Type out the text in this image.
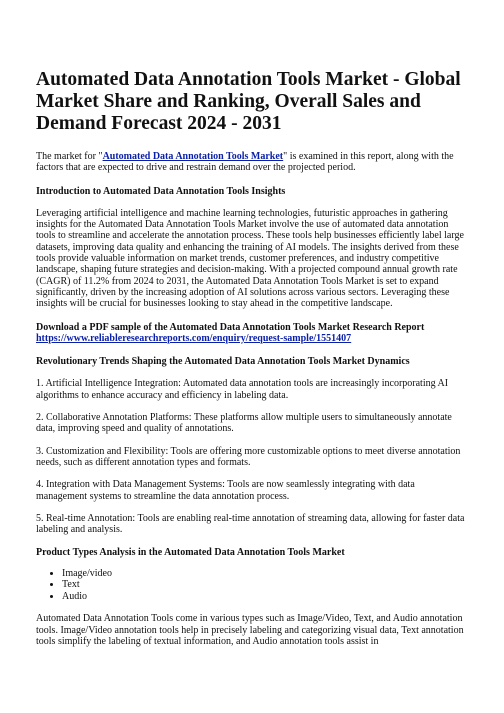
Automated Data Annotation Tools Market - Global Market Share and Ranking, Overall Sales and Demand Forecast 2024 - 2031

The market for "Automated Data Annotation Tools Market" is examined in this report, along with the factors that are expected to drive and restrain demand over the projected period.

Introduction to Automated Data Annotation Tools Insights

Leveraging artificial intelligence and machine learning technologies, futuristic approaches in gathering insights for the Automated Data Annotation Tools Market involve the use of automated data annotation tools to streamline and accelerate the annotation process. These tools help businesses efficiently label large datasets, improving data quality and enhancing the training of AI models. The insights derived from these tools provide valuable information on market trends, customer preferences, and industry competitive landscape, shaping future strategies and decision-making. With a projected compound annual growth rate (CAGR) of 11.2% from 2024 to 2031, the Automated Data Annotation Tools Market is set to expand significantly, driven by the increasing adoption of AI solutions across various sectors. Leveraging these insights will be crucial for businesses looking to stay ahead in the competitive landscape.

Download a PDF sample of the Automated Data Annotation Tools Market Research Report

https://www.reliableresearchreports.com/enquiry/request-sample/1551407

Revolutionary Trends Shaping the Automated Data Annotation Tools Market Dynamics

1. Artificial Intelligence Integration: Automated data annotation tools are increasingly incorporating AI algorithms to enhance accuracy and efficiency in labeling data.

2. Collaborative Annotation Platforms: These platforms allow multiple users to simultaneously annotate data, improving speed and quality of annotations.

3. Customization and Flexibility: Tools are offering more customizable options to meet diverse annotation needs, such as different annotation types and formats.

4. Integration with Data Management Systems: Tools are now seamlessly integrating with data management systems to streamline the data annotation process.

5. Real-time Annotation: Tools are enabling real-time annotation of streaming data, allowing for faster data labeling and analysis.

Product Types Analysis in the Automated Data Annotation Tools Market

• Image/video
• Text
• Audio

Automated Data Annotation Tools come in various types such as Image/Video, Text, and Audio annotation tools. Image/Video annotation tools help in precisely labeling and categorizing visual data, Text annotation tools simplify the labeling of textual information, and Audio annotation tools assist in
